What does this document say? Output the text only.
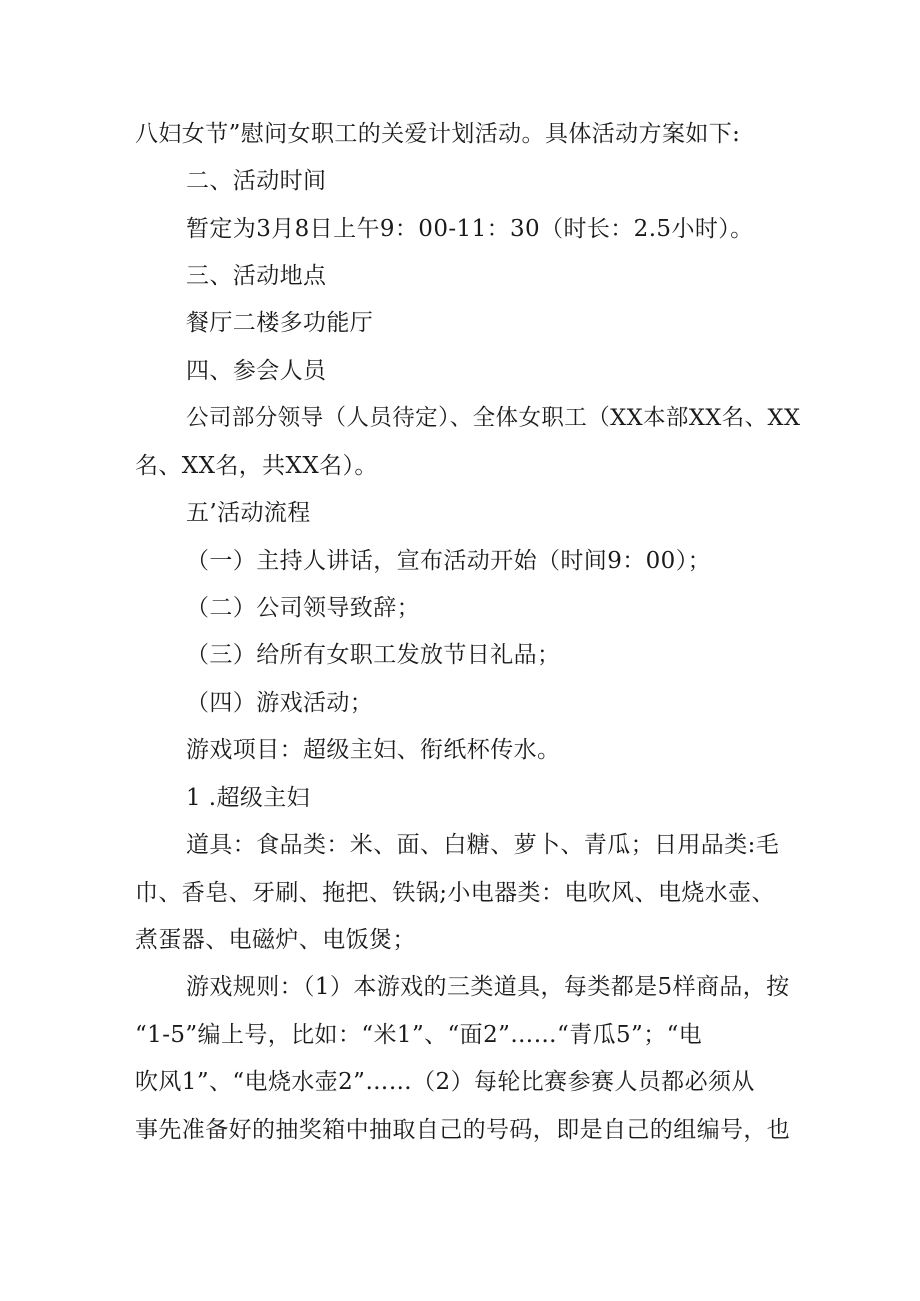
八妇女节”慰问女职工的关爱计划活动。具体活动方案如下:
二、活动时间
暂定为3月8日上午9：00-11：30（时长：2.5小时）。
三、活动地点
餐厅二楼多功能厅
四、参会人员
公司部分领导（人员待定）、全体女职工（XX本部XX名、XX
名、XX名，共XX名）。
五’活动流程
（一）主持人讲话，宣布活动开始（时间9：00）；
（二）公司领导致辞；
（三）给所有女职工发放节日礼品；
（四）游戏活动；
游戏项目：超级主妇、衔纸杯传水。
1 .超级主妇
道具：食品类：米、面、白糖、萝卜、青瓜；日用品类:毛
巾、香皂、牙刷、拖把、铁锅;小电器类：电吹风、电烧水壶、
煮蛋器、电磁炉、电饭煲；
游戏规则：（1）本游戏的三类道具，每类都是5样商品，按
“1-5”编上号，比如：“米1”、“面2”……“青瓜5”；“电
吹风1”、“电烧水壶2”……（2）每轮比赛参赛人员都必须从
事先准备好的抽奖箱中抽取自己的号码，即是自己的组编号，也
